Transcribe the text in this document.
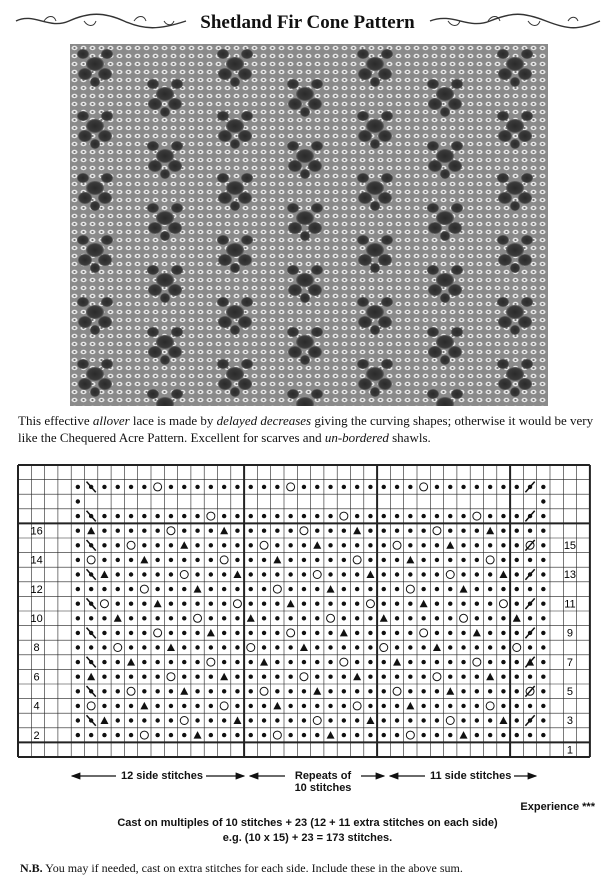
Shetland Fir Cone Pattern
This effective allover lace is made by delayed decreases giving the curving shapes; otherwise it would be very like the Chequered Acre Pattern. Excellent for scarves and un-bordered shawls.
16
14
12
10
8
6
4
2
15
13
11
9
7
5
3
1
12 side stitches	Repeats of
10 stitches
11 side stitches
Experience ***
Cast on multiples of 10 stitches + 23 (12 + 11 extra stitches on each side)
e.g. (10 x 15) + 23 = 173 stitches.
N.B. You may if needed, cast on extra stitches for each side. Include these in the above sum.
